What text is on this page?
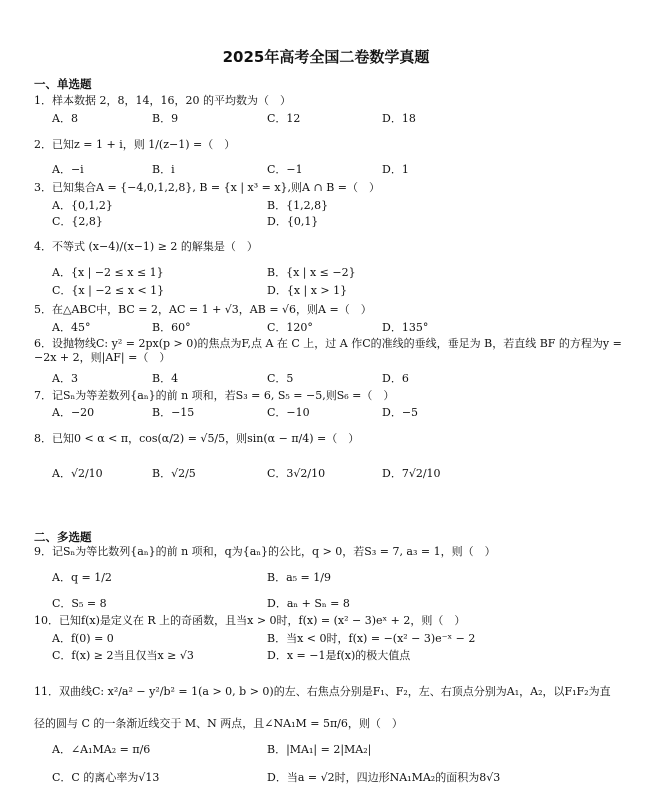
2025年高考全国二卷数学真题
一、单选题
1．样本数据 2，8，14，16，20 的平均数为（　）
A．8	B．9	C．12	D．18
2．已知z = 1 + i，则 1/(z−1) =（　）
A．−i	B．i	C．−1	D．1
3．已知集合A = {−4,0,1,2,8}, B = {x | x³ = x},则A ∩ B =（　）
A．{0,1,2}	B．{1,2,8}
C．{2,8}	D．{0,1}
4．不等式 (x−4)/(x−1) ≥ 2 的解集是（　）
A．{x | −2 ≤ x ≤ 1}	B．{x | x ≤ −2}
C．{x | −2 ≤ x < 1}	D．{x | x > 1}
5．在△ABC中，BC = 2，AC = 1 + √3，AB = √6，则A =（　）
A．45°	B．60°	C．120°	D．135°
6．设抛物线C: y² = 2px(p > 0)的焦点为F,点 A 在 C 上，过 A 作C的准线的垂线，垂足为 B，若直线 BF 的方程为y = −2x + 2，则|AF| =（　）
A．3	B．4	C．5	D．6
7．记Sₙ为等差数列{aₙ}的前 n 项和，若S₃ = 6, S₅ = −5,则S₆ =（　）
A．−20	B．−15	C．−10	D．−5
8．已知0 < α < π，cos(α/2) = √5/5，则sin(α − π/4) =（　）
A．√2/10	B．√2/5	C．3√2/10	D．7√2/10
二、多选题
9．记Sₙ为等比数列{aₙ}的前 n 项和，q为{aₙ}的公比，q > 0，若S₃ = 7, a₃ = 1，则（　）
A．q = 1/2	B．a₅ = 1/9
C．S₅ = 8	D．aₙ + Sₙ = 8
10．已知f(x)是定义在 R 上的奇函数，且当x > 0时，f(x) = (x² − 3)eˣ + 2，则（　）
A．f(0) = 0	B．当x < 0时，f(x) = −(x² − 3)e⁻ˣ − 2
C．f(x) ≥ 2当且仅当x ≥ √3	D．x = −1是f(x)的极大值点
11．双曲线C: x²/a² − y²/b² = 1(a > 0, b > 0)的左、右焦点分别是F₁、F₂，左、右顶点分别为A₁，A₂，以F₁F₂为直径的圆与 C 的一条渐近线交于 M、N 两点，且∠NA₁M = 5π/6，则（　）
A．∠A₁MA₂ = π/6	B．|MA₁| = 2|MA₂|
C．C 的离心率为√13	D．当a = √2时，四边形NA₁MA₂的面积为8√3
